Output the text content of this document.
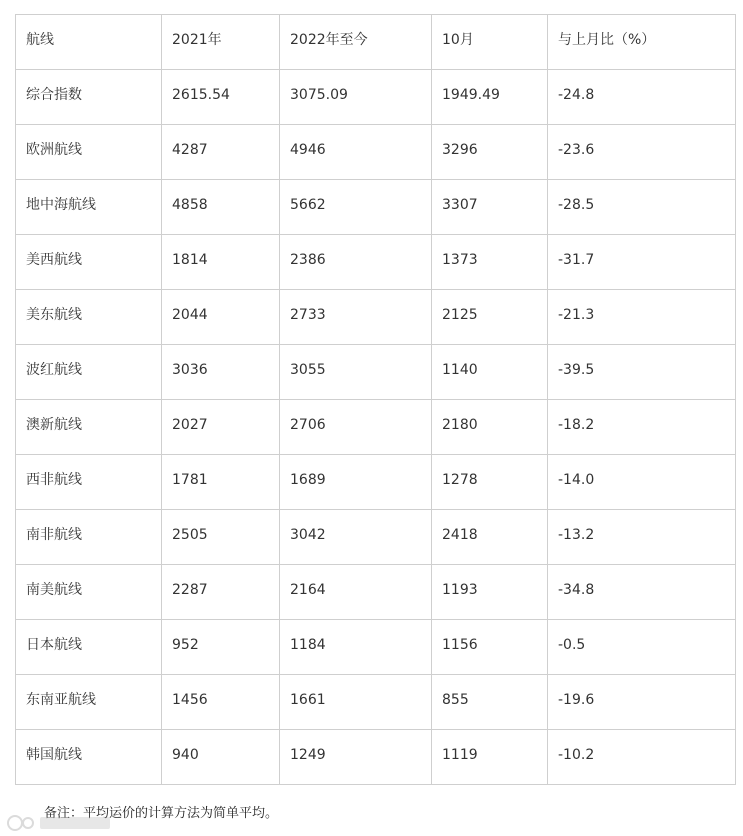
航线	2021年	2022年至今	10月	与上月比（%）
综合指数	2615.54	3075.09	1949.49	-24.8
欧洲航线	4287	4946	3296	-23.6
地中海航线	4858	5662	3307	-28.5
美西航线	1814	2386	1373	-31.7
美东航线	2044	2733	2125	-21.3
波红航线	3036	3055	1140	-39.5
澳新航线	2027	2706	2180	-18.2
西非航线	1781	1689	1278	-14.0
南非航线	2505	3042	2418	-13.2
南美航线	2287	2164	1193	-34.8
日本航线	952	1184	1156	-0.5
东南亚航线	1456	1661	855	-19.6
韩国航线	940	1249	1119	-10.2
备注：平均运价的计算方法为简单平均。
